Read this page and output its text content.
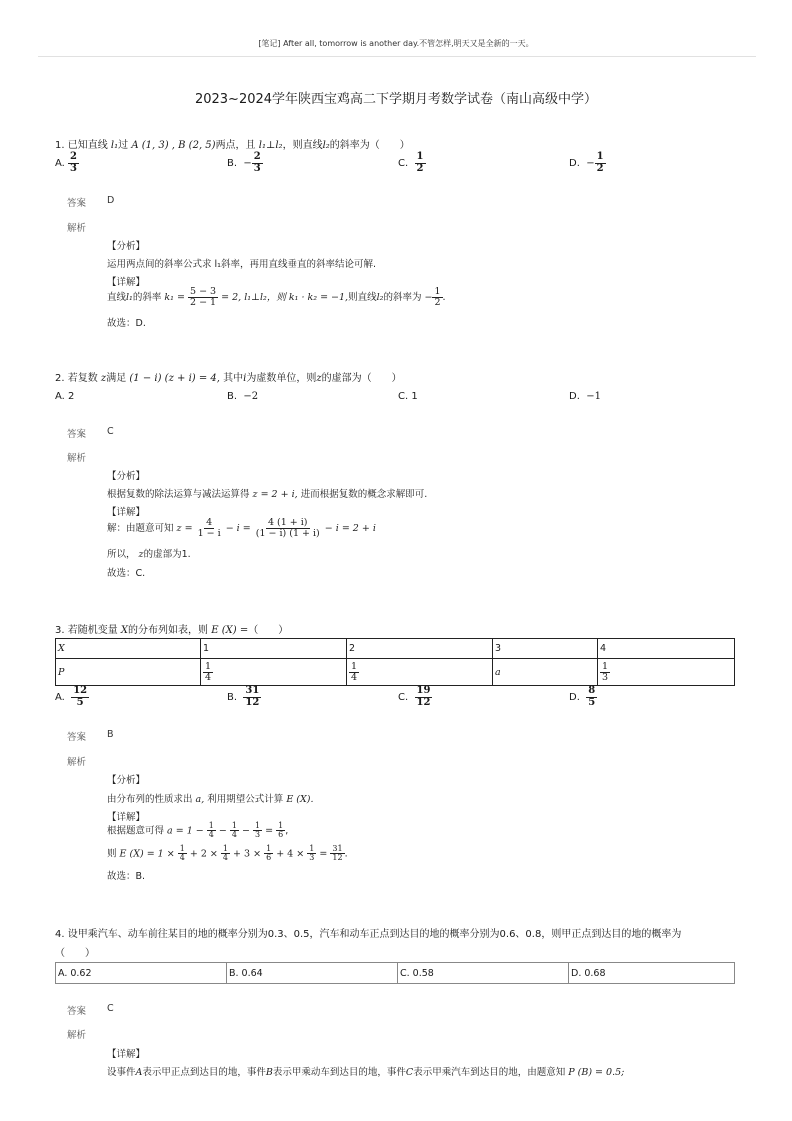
[笔记] After all, tomorrow is another day.不管怎样,明天又是全新的一天。
2023~2024学年陕西宝鸡高二下学期月考数学试卷（南山高级中学）
1. 已知直线 l₁过 A (1, 3) , B (2, 5)两点，且 l₁⊥l₂，则直线l₂的斜率为（　　）
A. $\frac{2}{3}$	B. − $\frac{2}{3}$	C. $\frac{1}{2}$	D. − $\frac{1}{2}$
答案 D
解析
【分析】
运用两点间的斜率公式求 l₁斜率，再用直线垂直的斜率结论可解.
【详解】
直线l₁的斜率 $k_1 = \frac{5 - 3}{2 - 1} = 2$, l₁⊥l₂，则 k₁ · k₂ = −1,则直线l₂的斜率为 − $\frac{1}{2}$ .
故选：D.
2. 若复数 z满足 (1 − i) (z + i) = 4, 其中i为虚数单位，则z的虚部为（　　）
A. 2	B. −2	C. 1	D. −1
答案 C
解析
【分析】
根据复数的除法运算与减法运算得 z = 2 + i, 进而根据复数的概念求解即可.
【详解】
解：由题意可知 $z = \frac{4}{1 - i} - i = \frac{4 (1 + i)}{(1 - i) (1 + i)} - i = 2 + i$
所以， z的虚部为1.
故选：C.
3. 若随机变量 X的分布列如表，则 E (X) =（　　）
X	1	2	3	4
P	$\frac{1}{4}$	$\frac{1}{4}$	a	$\frac{1}{3}$
A. $\frac{12}{5}$	B. $\frac{31}{12}$	C. $\frac{19}{12}$	D. $\frac{8}{5}$
答案 B
解析
【分析】
由分布列的性质求出 a, 利用期望公式计算 E (X).
【详解】
根据题意可得 $a = 1 - \frac{1}{4} - \frac{1}{4} - \frac{1}{3} = \frac{1}{6}$ ,
则 E $(X) = 1 \times \frac{1}{4} + 2 \times \frac{1}{4} + 3 \times \frac{1}{6} + 4 \times \frac{1}{3} = \frac{31}{12}$ .
故选：B.
4. 设甲乘汽车、动车前往某目的地的概率分别为0.3、0.5，汽车和动车正点到达目的地的概率分别为0.6、0.8，则甲正点到达目的地的概率为
（　　）
A. 0.62	B. 0.64	C. 0.58	D. 0.68
答案 C
解析
【详解】
设事件A表示甲正点到达目的地，事件B表示甲乘动车到达目的地，事件C表示甲乘汽车到达目的地，由题意知 P (B) = 0.5;
